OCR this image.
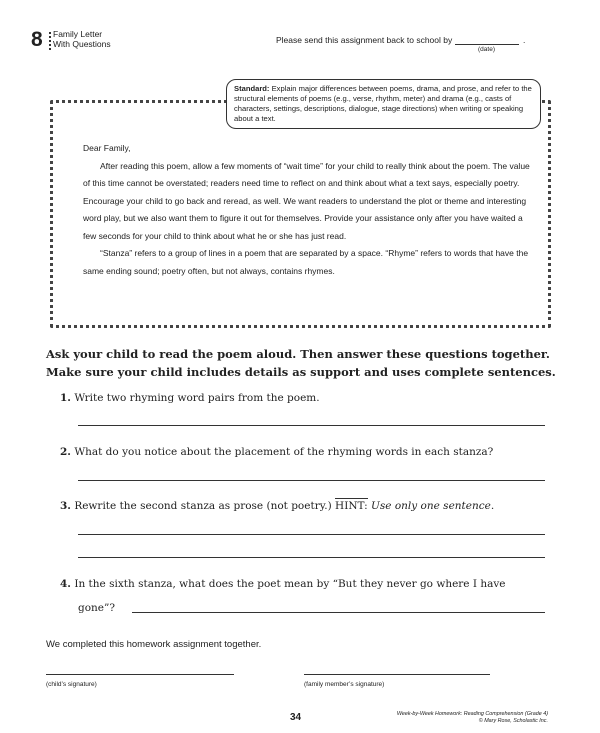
8 Family Letter
With Questions	Please send this assignment back to school by	.
(date)
Standard: Explain major differences between poems, drama, and prose, and refer to the structural elements of poems (e.g., verse, rhythm, meter) and drama (e.g., casts of characters, settings, descriptions, dialogue, stage directions) when writing or speaking about a text.

Dear Family,

After reading this poem, allow a few moments of “wait time” for your child to really think about the poem. The value of this time cannot be overstated; readers need time to reflect on and think about what a text says, especially poetry. Encourage your child to go back and reread, as well. We want readers to understand the plot or theme and interesting word play, but we also want them to figure it out for themselves. Provide your assistance only after you have waited a few seconds for your child to think about what he or she has just read.

“Stanza” refers to a group of lines in a poem that are separated by a space. “Rhyme” refers to words that have the same ending sound; poetry often, but not always, contains rhymes.

Ask your child to read the poem aloud. Then answer these questions together. Make sure your child includes details as support and uses complete sentences.
1. Write two rhyming word pairs from the poem.
2. What do you notice about the placement of the rhyming words in each stanza?
3. Rewrite the second stanza as prose (not poetry.) HINT: Use only one sentence.
4. In the sixth stanza, what does the poet mean by “But they never go where I have
gone”?
We completed this homework assignment together.
(child’s signature)	(family member’s signature)
34	Week-by-Week Homework: Reading Comprehension (Grade 4)
© Mary Rose, Scholastic Inc.
